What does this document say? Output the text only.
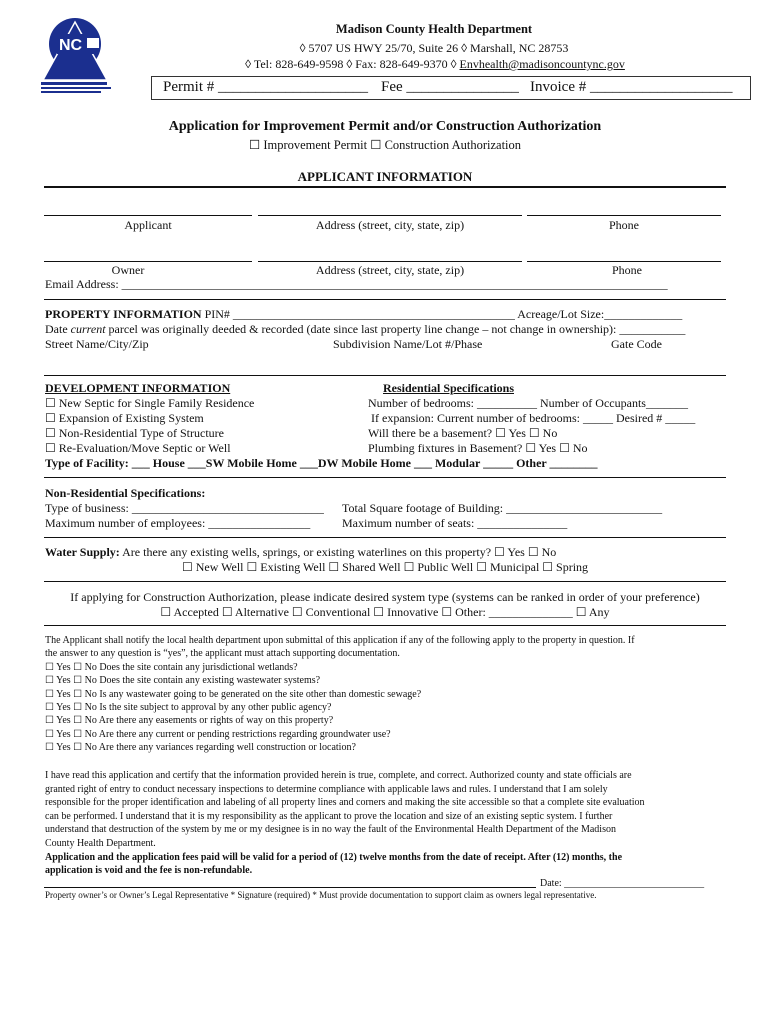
NC
Madison County Health Department
◊ 5707 US HWY 25/70, Suite 26 ◊ Marshall, NC 28753
◊ Tel: 828-649-9598 ◊ Fax: 828-649-9370 ◊ Envhealth@madisoncountync.gov
Permit # ____________________ Fee _______________ Invoice # ___________________
Application for Improvement Permit and/or Construction Authorization
☐ Improvement Permit ☐ Construction Authorization
APPLICANT INFORMATION
Applicant	Address (street, city, state, zip)	Phone
Owner	Address (street, city, state, zip)	Phone
Email Address: ___________________________________________________________________________________________
PROPERTY INFORMATION PIN# _______________________________________________ Acreage/Lot Size:_____________
Date current parcel was originally deeded & recorded (date since last property line change – not change in ownership): ___________
Street Name/City/Zip	Subdivision Name/Lot #/Phase	Gate Code
DEVELOPMENT INFORMATION
☐ New Septic for Single Family Residence
☐ Expansion of Existing System
☐ Non-Residential Type of Structure
☐ Re-Evaluation/Move Septic or Well
Type of Facility: ___ House ___SW Mobile Home ___DW Mobile Home ___ Modular _____ Other ________
Residential Specifications
Number of bedrooms: __________ Number of Occupants_______
If expansion: Current number of bedrooms: _____ Desired # _____
Will there be a basement? ☐ Yes ☐ No
Plumbing fixtures in Basement? ☐ Yes ☐ No
Non-Residential Specifications:
Type of business: ________________________________ Total Square footage of Building: __________________________
Maximum number of employees: _________________	Maximum number of seats: _______________
Water Supply: Are there any existing wells, springs, or existing waterlines on this property? ☐ Yes ☐ No
☐ New Well ☐ Existing Well ☐ Shared Well ☐ Public Well ☐ Municipal ☐ Spring
If applying for Construction Authorization, please indicate desired system type (systems can be ranked in order of your preference)
☐ Accepted ☐ Alternative ☐ Conventional ☐ Innovative ☐ Other: ______________ ☐ Any
The Applicant shall notify the local health department upon submittal of this application if any of the following apply to the property in question. If
the answer to any question is “yes”, the applicant must attach supporting documentation.
☐ Yes ☐ No Does the site contain any jurisdictional wetlands?
☐ Yes ☐ No Does the site contain any existing wastewater systems?
☐ Yes ☐ No Is any wastewater going to be generated on the site other than domestic sewage?
☐ Yes ☐ No Is the site subject to approval by any other public agency?
☐ Yes ☐ No Are there any easements or rights of way on this property?
☐ Yes ☐ No Are there any current or pending restrictions regarding groundwater use?
☐ Yes ☐ No Are there any variances regarding well construction or location?
I have read this application and certify that the information provided herein is true, complete, and correct. Authorized county and state officials are
granted right of entry to conduct necessary inspections to determine compliance with applicable laws and rules. I understand that I am solely
responsible for the proper identification and labeling of all property lines and corners and making the site accessible so that a complete site evaluation
can be performed. I understand that it is my responsibility as the applicant to prove the location and size of an existing septic system. I further
understand that destruction of the system by me or my designee is in no way the fault of the Environmental Health Department of the Madison
County Health Department.
Application and the application fees paid will be valid for a period of (12) twelve months from the date of receipt. After (12) months, the
application is void and the fee is non-refundable.
Date: ____________________________
Property owner’s or Owner’s Legal Representative * Signature (required) * Must provide documentation to support claim as owners legal representative.
